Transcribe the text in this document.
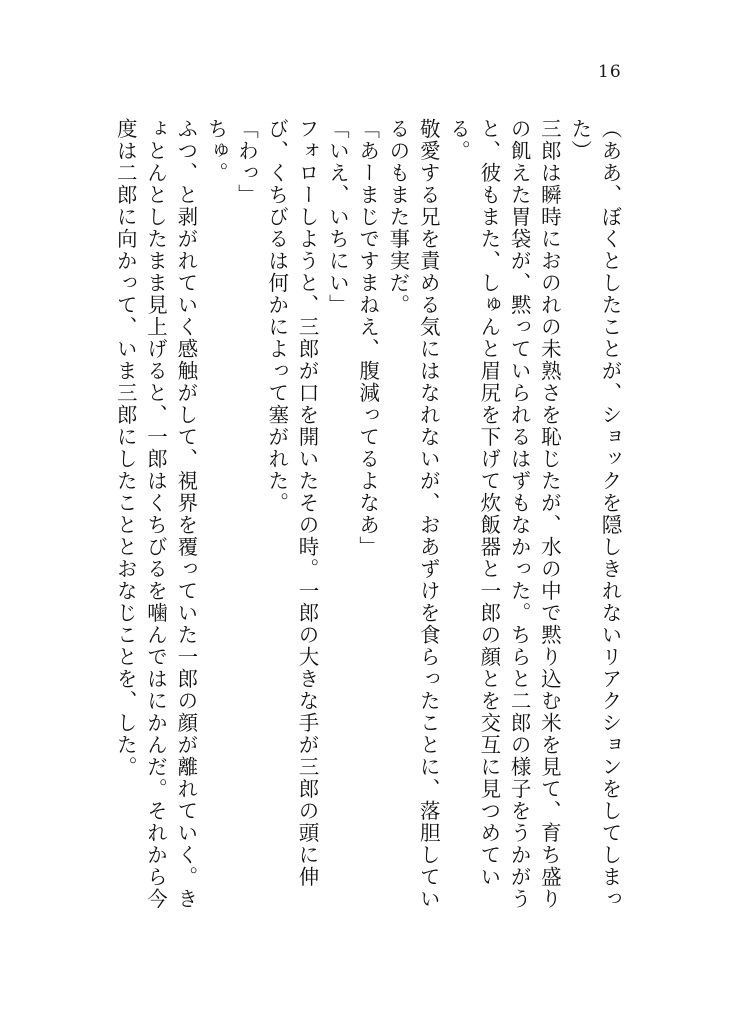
16
（ああ、ぼくとしたことが、ショックを隠しきれないリアクションをしてしまった）
三郎は瞬時におのれの未熟さを恥じたが、水の中で黙り込む米を見て、育ち盛りの飢えた胃袋が、黙っていられるはずもなかった。ちらと二郎の様子をうかがうと、彼もまた、しゅんと眉尻を下げて炊飯器と一郎の顔とを交互に見つめている。
敬愛する兄を責める気にはなれないが、おあずけを食らったことに、落胆しているのもまた事実だ。
「あーまじですまねえ、腹減ってるよなあ」
「いえ、いちにい」
フォローしようと、三郎が口を開いたその時。一郎の大きな手が三郎の頭に伸び、くちびるは何かによって塞がれた。
「わっ」
ちゅ。
ふつ、と剥がれていく感触がして、視界を覆っていた一郎の顔が離れていく。きょとんとしたまま見上げると、一郎はくちびるを噛んではにかんだ。それから今度は二郎に向かって、いま三郎にしたこととおなじことを、した。
